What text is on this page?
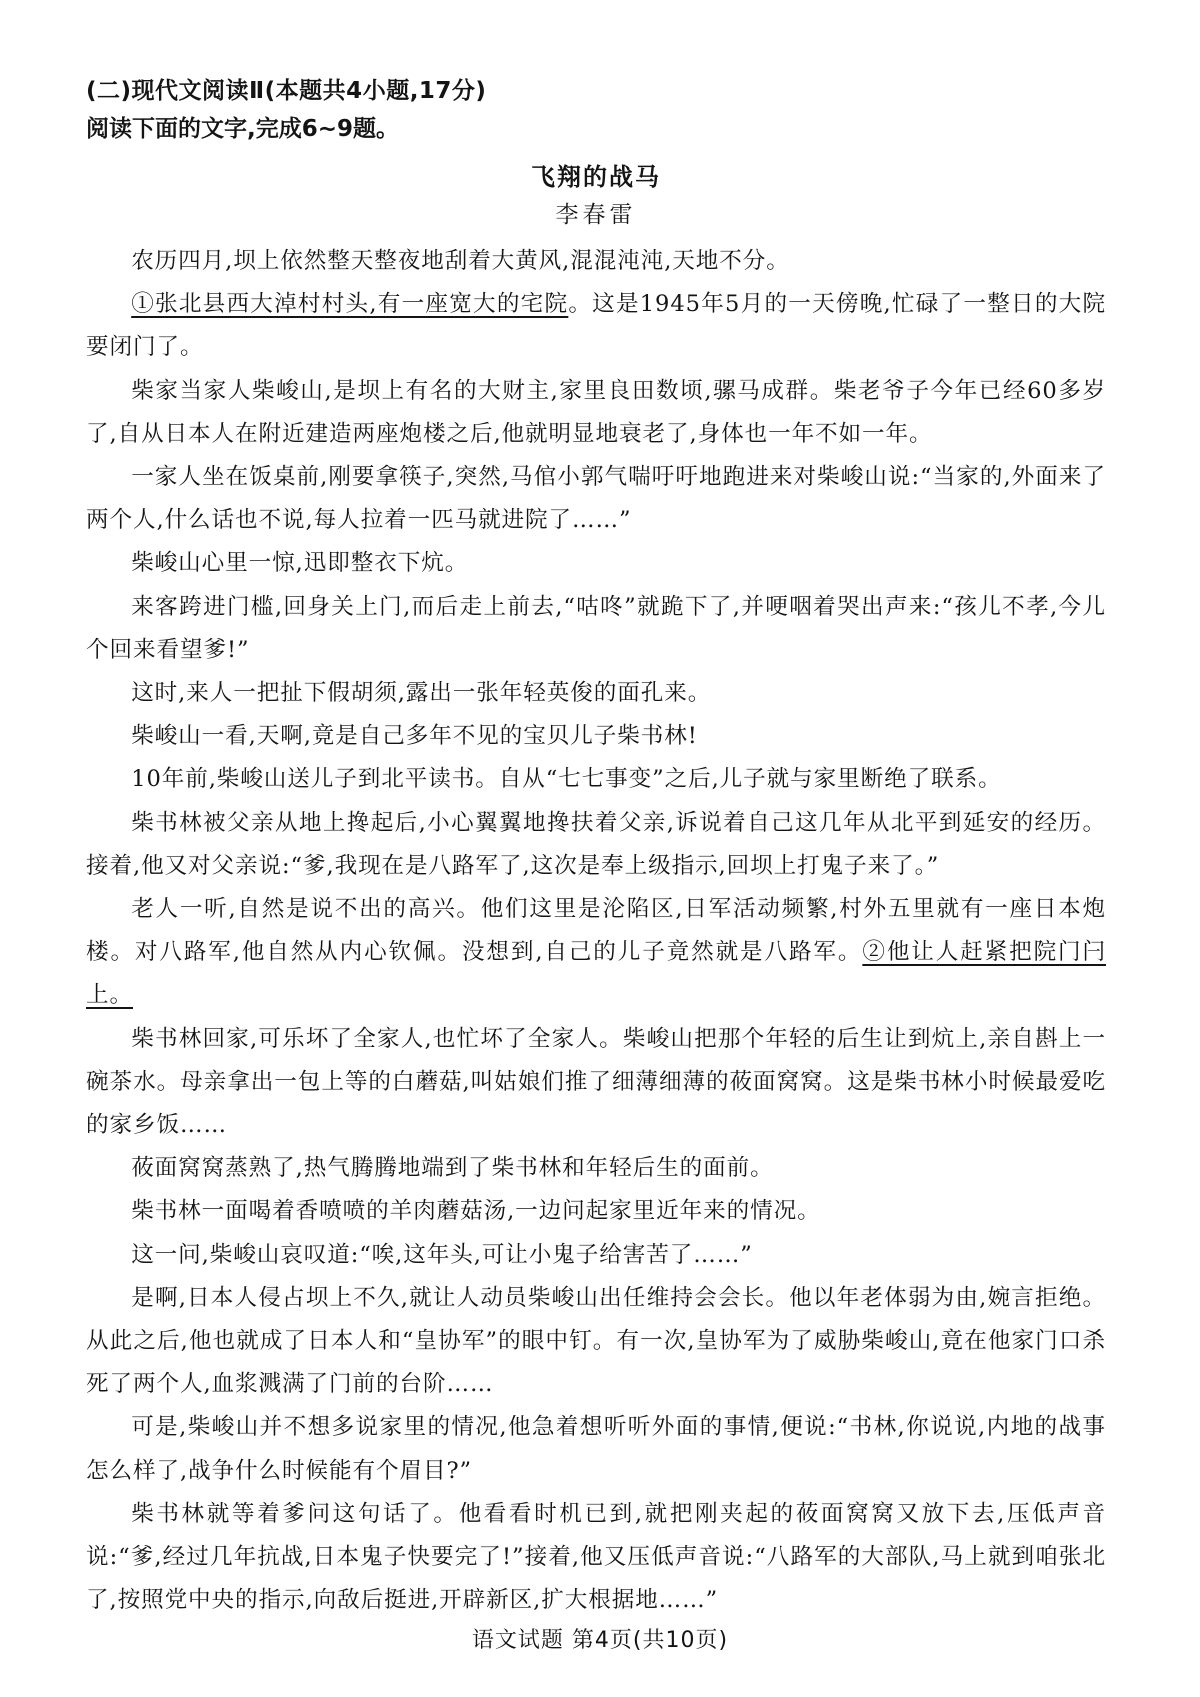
(二)现代文阅读Ⅱ(本题共4小题,17分)

阅读下面的文字,完成6~9题。

飞翔的战马

李春雷

农历四月,坝上依然整天整夜地刮着大黄风,混混沌沌,天地不分。

①张北县西大淖村村头,有一座宽大的宅院。这是1945年5月的一天傍晚,忙碌了一整日的大院要闭门了。

柴家当家人柴峻山,是坝上有名的大财主,家里良田数顷,骡马成群。柴老爷子今年已经60多岁了,自从日本人在附近建造两座炮楼之后,他就明显地衰老了,身体也一年不如一年。

一家人坐在饭桌前,刚要拿筷子,突然,马倌小郭气喘吁吁地跑进来对柴峻山说:“当家的,外面来了两个人,什么话也不说,每人拉着一匹马就进院了……”

柴峻山心里一惊,迅即整衣下炕。

来客跨进门槛,回身关上门,而后走上前去,“咕咚”就跪下了,并哽咽着哭出声来:“孩儿不孝,今儿个回来看望爹!”

这时,来人一把扯下假胡须,露出一张年轻英俊的面孔来。

柴峻山一看,天啊,竟是自己多年不见的宝贝儿子柴书林!

10年前,柴峻山送儿子到北平读书。自从“七七事变”之后,儿子就与家里断绝了联系。

柴书林被父亲从地上搀起后,小心翼翼地搀扶着父亲,诉说着自己这几年从北平到延安的经历。接着,他又对父亲说:“爹,我现在是八路军了,这次是奉上级指示,回坝上打鬼子来了。”

老人一听,自然是说不出的高兴。他们这里是沦陷区,日军活动频繁,村外五里就有一座日本炮楼。对八路军,他自然从内心钦佩。没想到,自己的儿子竟然就是八路军。②他让人赶紧把院门闩上。

柴书林回家,可乐坏了全家人,也忙坏了全家人。柴峻山把那个年轻的后生让到炕上,亲自斟上一碗茶水。母亲拿出一包上等的白蘑菇,叫姑娘们推了细薄细薄的莜面窝窝。这是柴书林小时候最爱吃的家乡饭……

莜面窝窝蒸熟了,热气腾腾地端到了柴书林和年轻后生的面前。

柴书林一面喝着香喷喷的羊肉蘑菇汤,一边问起家里近年来的情况。

这一问,柴峻山哀叹道:“唉,这年头,可让小鬼子给害苦了……”

是啊,日本人侵占坝上不久,就让人动员柴峻山出任维持会会长。他以年老体弱为由,婉言拒绝。从此之后,他也就成了日本人和“皇协军”的眼中钉。有一次,皇协军为了威胁柴峻山,竟在他家门口杀死了两个人,血浆溅满了门前的台阶……

可是,柴峻山并不想多说家里的情况,他急着想听听外面的事情,便说:“书林,你说说,内地的战事怎么样了,战争什么时候能有个眉目?”

柴书林就等着爹问这句话了。他看看时机已到,就把刚夹起的莜面窝窝又放下去,压低声音说:“爹,经过几年抗战,日本鬼子快要完了!”接着,他又压低声音说:“八路军的大部队,马上就到咱张北了,按照党中央的指示,向敌后挺进,开辟新区,扩大根据地……”

语文试题 第4页(共10页)
